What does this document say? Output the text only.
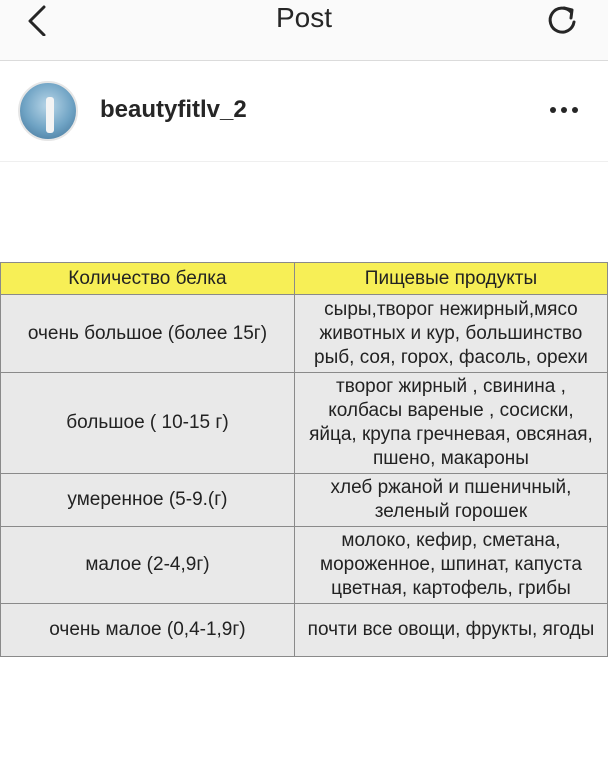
Post
beautyfitlv_2
Количество белка	Пищевые продукты
очень большое (более 15г)	сыры,творог нежирный,мясо
животных и кур, большинство
рыб, соя, горох, фасоль, орехи

большое ( 10-15 г)	творог жирный , свинина ,
колбасы вареные , сосиски,
яйца, крупа гречневая, овсяная,
пшено, макароны

умеренное (5-9.(г)	хлеб ржаной и пшеничный,
зеленый горошек

малое (2-4,9г)	молоко, кефир, сметана,
мороженное, шпинат, капуста
цветная, картофель, грибы

очень малое (0,4-1,9г)	почти все овощи, фрукты, ягоды
